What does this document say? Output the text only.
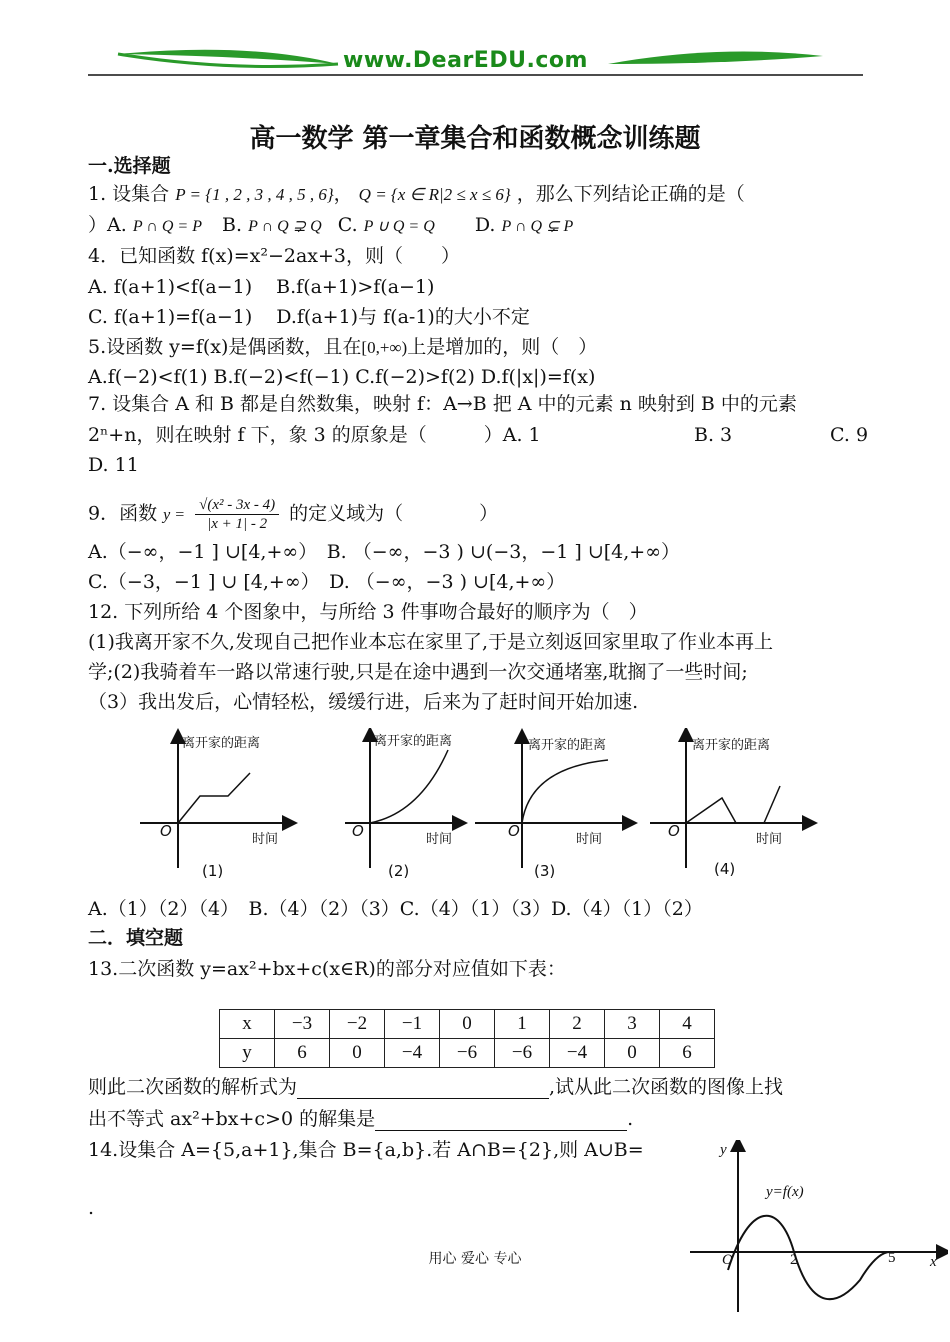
www.DearEDU.com
高一数学 第一章集合和函数概念训练题
一.选择题
1. 设集合 P = {1 , 2 , 3 , 4 , 5 , 6}， Q = {x ∈ R|2 ≤ x ≤ 6} ，那么下列结论正确的是（
）A. P ∩ Q = P B. P ∩ Q ⊋ Q C. P ∪ Q = Q D. P ∩ Q ⊊ P
4．已知函数 f(x)=x²−2ax+3，则（　　）
A. f(a+1)<f(a−1) B.f(a+1)>f(a−1)
C. f(a+1)=f(a−1) D.f(a+1)与 f(a-1)的大小不定
5.设函数 y=f(x)是偶函数，且在[0,+∞)上是增加的，则（　）
A.f(−2)<f(1) B.f(−2)<f(−1) C.f(−2)>f(2) D.f(|x|)=f(x)
7. 设集合 A 和 B 都是自然数集，映射 f：A→B 把 A 中的元素 n 映射到 B 中的元素
2ⁿ+n，则在映射 f 下，象 3 的原象是（　　　）A. 1	B. 3	C. 9
D. 11
9．函数 $y = \frac{\text{√(x² - 3x - 4)}}{|x + 1| - 2}$ 的定义域为（　　　　）
A.（−∞，−1 ] ∪[4,+∞）　B. （−∞，−3 ) ∪(−3，−1 ] ∪[4,+∞）
C.（−3，−1 ] ∪ [4,+∞）　D. （−∞，−3 ) ∪[4,+∞）
12. 下列所给 4 个图象中，与所给 3 件事吻合最好的顺序为（　）
(1)我离开家不久,发现自己把作业本忘在家里了,于是立刻返回家里取了作业本再上
学;(2)我骑着车一路以常速行驶,只是在途中遇到一次交通堵塞,耽搁了一些时间;
（3）我出发后，心情轻松，缓缓行进，后来为了赶时间开始加速.
离开家的距离
O	时间
离开家的距离
O	时间
离开家的距离
O	时间
离开家的距离
O	时间
(1)	(2)	(3)	(4)
A.（1）（2）（4）　B.（4）（2）（3）C.（4）（1）（3）D.（4）（1）（2）
二．填空题
13.二次函数 y=ax²+bx+c(x∈R)的部分对应值如下表：
x	−3	−2	−1	0	1	2	3	4
y	6	0	−4	−6	−6	−4	0	6
则此二次函数的解析式为	,试从此二次函数的图像上找
出不等式 ax²+bx+c>0 的解集是	.
14.设集合 A={5,a+1},集合 B={a,b}.若 A∩B={2},则 A∪B=
.
y
y=f(x)
O	2	5 x
用心 爱心 专心
